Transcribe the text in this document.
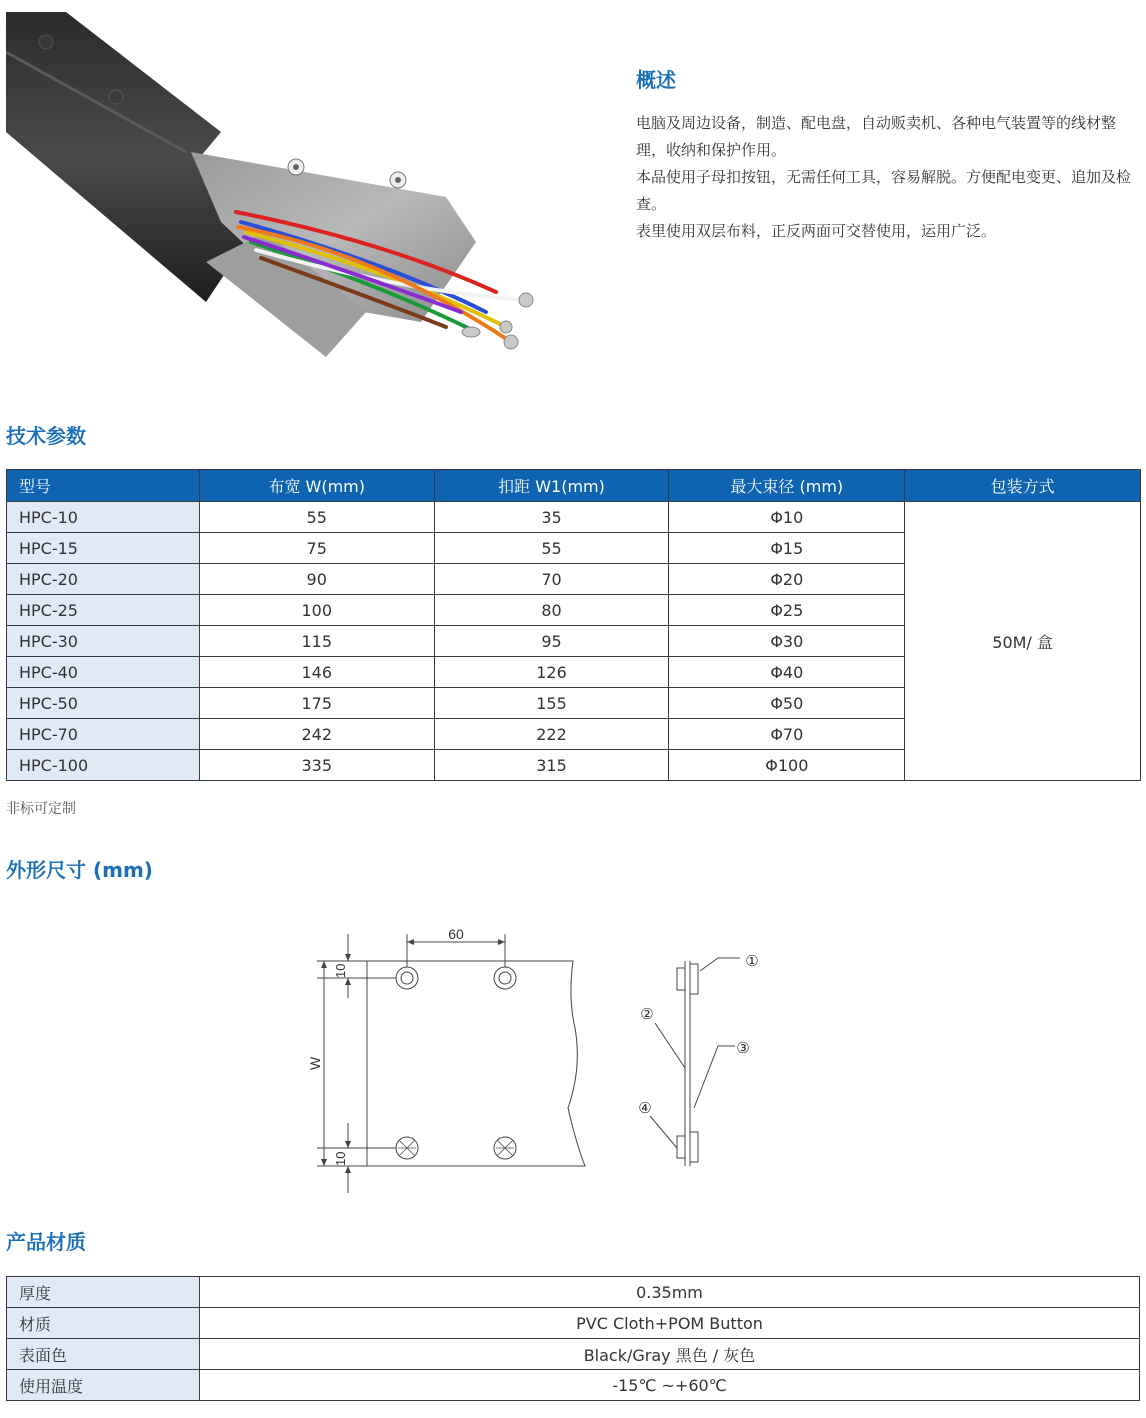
概述

电脑及周边设备，制造、配电盘，自动贩卖机、各种电气装置等的线材整理，收纳和保护作用。

本品使用子母扣按钮，无需任何工具，容易解脱。方便配电变更、追加及检查。

表里使用双层布料，正反两面可交替使用，运用广泛。

技术参数
型号	布宽 W(mm)	扣距 W1(mm)	最大束径 (mm)	包装方式
HPC-10	55	35	Φ10	50M/ 盒
HPC-15	75	55	Φ15	
HPC-20	90	70	Φ20	
HPC-25	100	80	Φ25	
HPC-30	115	95	Φ30	
HPC-40	146	126	Φ40	
HPC-50	175	155	Φ50	
HPC-70	242	222	Φ70	
HPC-100	335	315	Φ100	
非标可定制
外形尺寸 (mm)
60
10
10
W
①
②
③
④
产品材质
厚度	0.35mm
材质	PVC Cloth+POM Button
表面色	Black/Gray 黑色 / 灰色
使用温度	-15℃ ~+60℃
